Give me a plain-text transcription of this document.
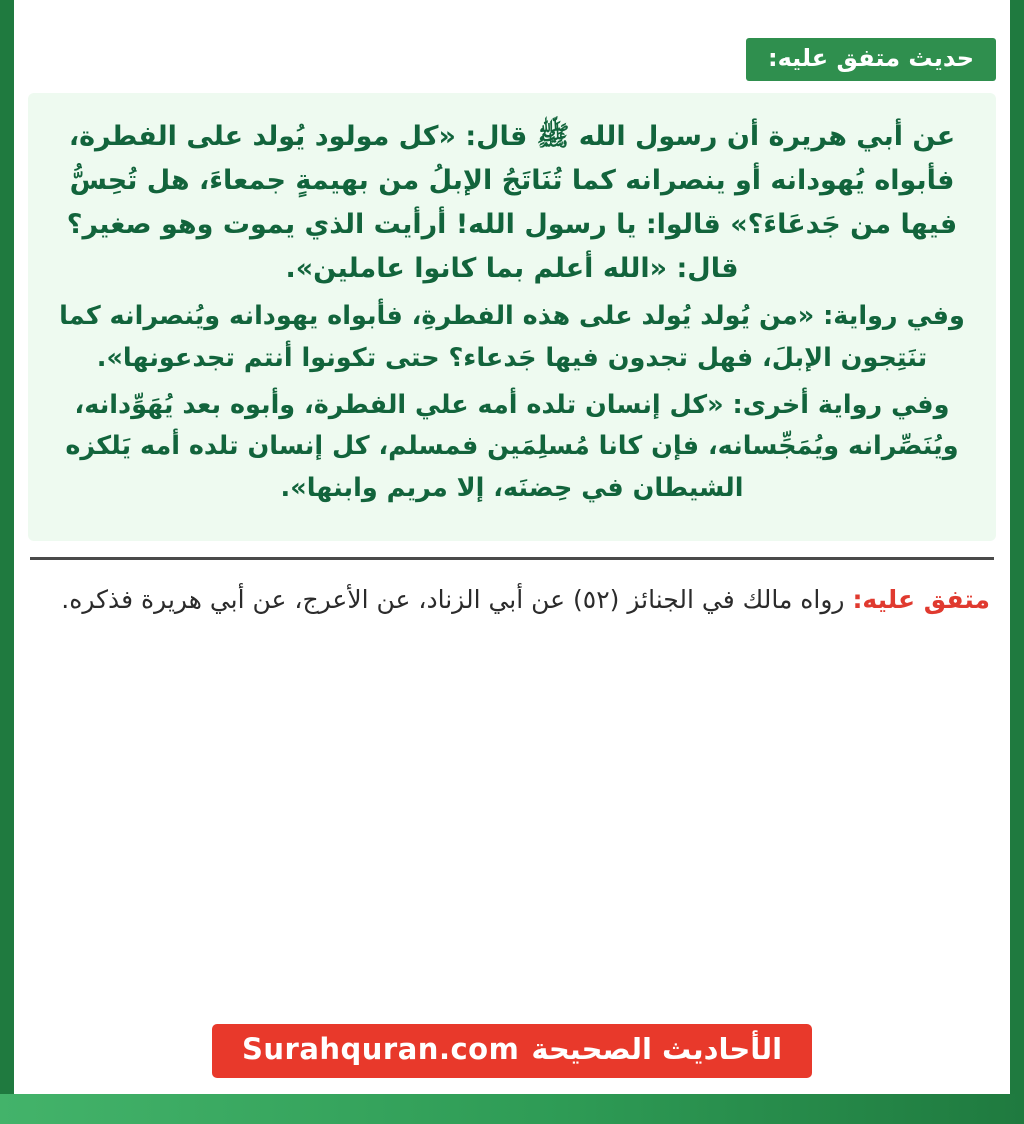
حديث متفق عليه:

عن أبي هريرة أن رسول الله ﷺ قال: «كل مولود يُولد على الفطرة، فأبواه يُهودانه أو ينصرانه كما تُنَاتَجُ الإبلُ من بهيمةٍ جمعاءَ، هل تُحِسُّ فيها من جَدعَاءَ؟» قالوا: يا رسول الله! أرأيت الذي يموت وهو صغير؟ قال: «الله أعلم بما كانوا عاملين».

وفي رواية: «من يُولد يُولد على هذه الفطرةِ، فأبواه يهودانه ويُنصرانه كما تنَتِجون الإبلَ، فهل تجدون فيها جَدعاء؟ حتى تكونوا أنتم تجدعونها».

وفي رواية أخرى: «كل إنسان تلده أمه علي الفطرة، وأبوه بعد يُهَوِّدانه، ويُنَصِّرانه ويُمَجِّسانه، فإن كانا مُسلِمَين فمسلم، كل إنسان تلده أمه يَلكزه الشيطان في حِضنَه، إلا مريم وابنها».

متفق عليه: رواه مالك في الجنائز (٥٢) عن أبي الزناد، عن الأعرج، عن أبي هريرة فذكره.
الأحاديث الصحيحة
Surahquran.com
